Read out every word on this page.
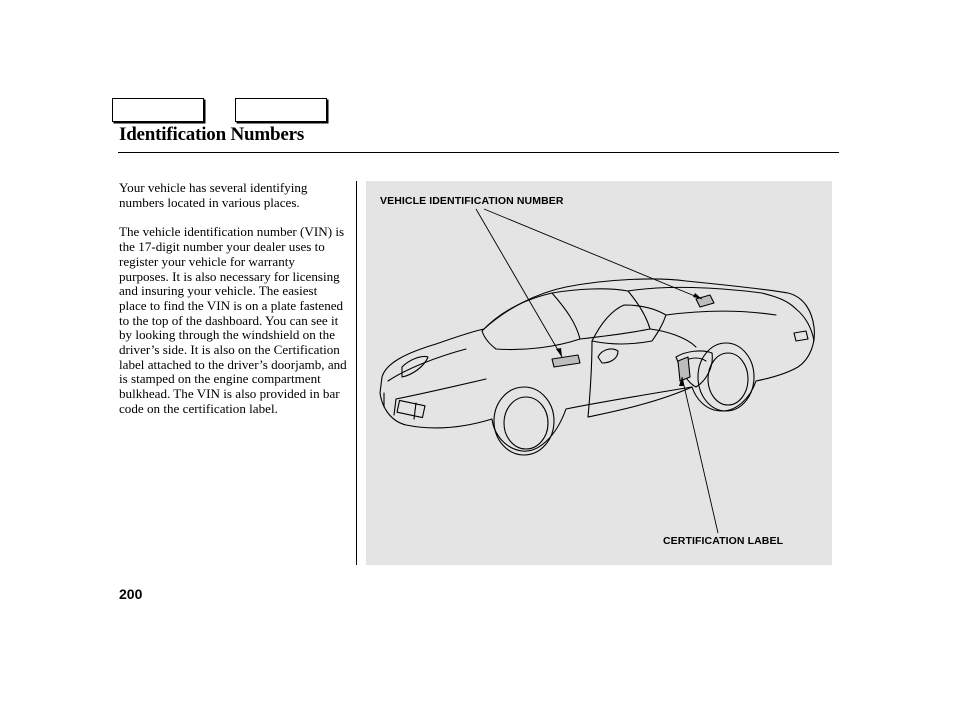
Identification Numbers

Your vehicle has several identifying numbers located in various places.

The vehicle identification number (VIN) is the 17-digit number your dealer uses to register your vehicle for warranty purposes. It is also necessary for licensing and insuring your vehicle. The easiest place to find the VIN is on a plate fastened to the top of the dashboard. You can see it by looking through the windshield on the driver’s side. It is also on the Certification label attached to the driver’s doorjamb, and is stamped on the engine compartment bulkhead. The VIN is also provided in bar code on the certification label.

VEHICLE IDENTIFICATION NUMBER
CERTIFICATION LABEL
200
